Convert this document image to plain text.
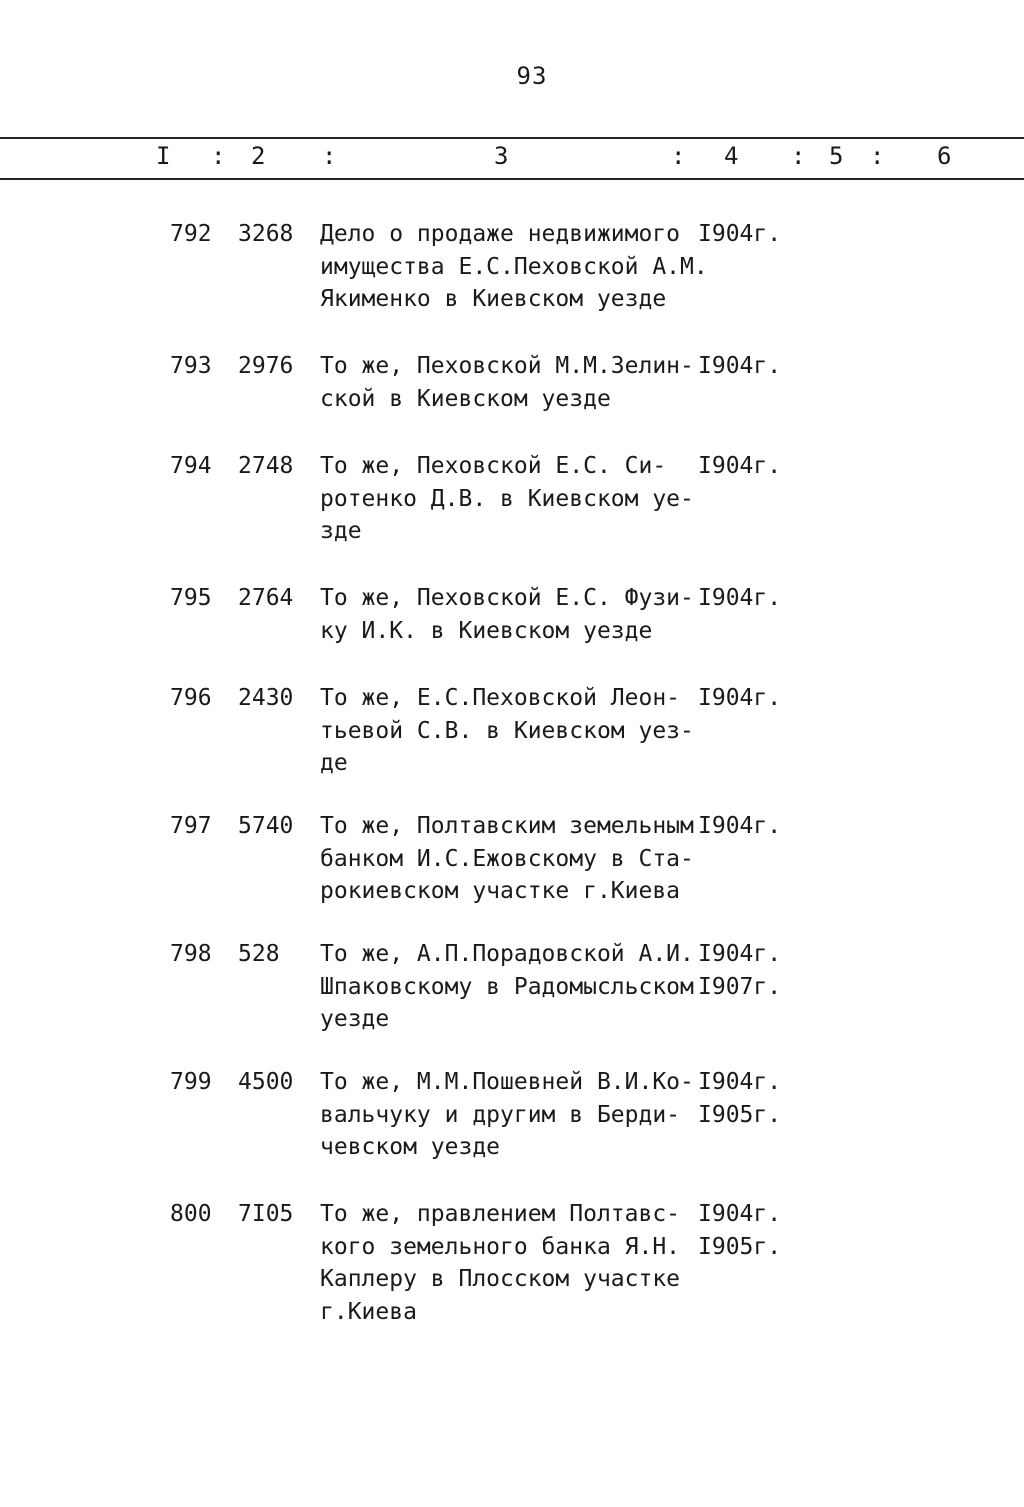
93
I : 2 :	3	: 4 : 5 : 6
792 3268 Дело о продаже недвижимого
имущества Е.С.Пеховской А.М.
Якименко в Киевском уезде
I904г.
793 2976 То же, Пеховской М.М.Зелин-
ской в Киевском уезде
I904г.
794 2748 То же, Пеховской Е.С. Си-
ротенко Д.В. в Киевском уе-
зде
I904г.
795 2764 То же, Пеховской Е.С. Фузи-
ку И.К. в Киевском уезде
I904г.
796 2430 То же, Е.С.Пеховской Леон-
тьевой С.В. в Киевском уез-
де
I904г.
797 5740 То же, Полтавским земельным
банком И.С.Ежовскому в Ста-
рокиевском участке г.Киева
I904г.
798 528 То же, А.П.Порадовской А.И.
Шпаковскому в Радомысльском
уезде
I904г.
I907г.
799 4500 То же, М.М.Пошевней В.И.Ко-
вальчуку и другим в Берди-
чевском уезде
I904г.
I905г.
800 7I05 То же, правлением Полтавс-
кого земельного банка Я.Н.
Каплеру в Плосском участке
г.Киева
I904г.
I905г.
